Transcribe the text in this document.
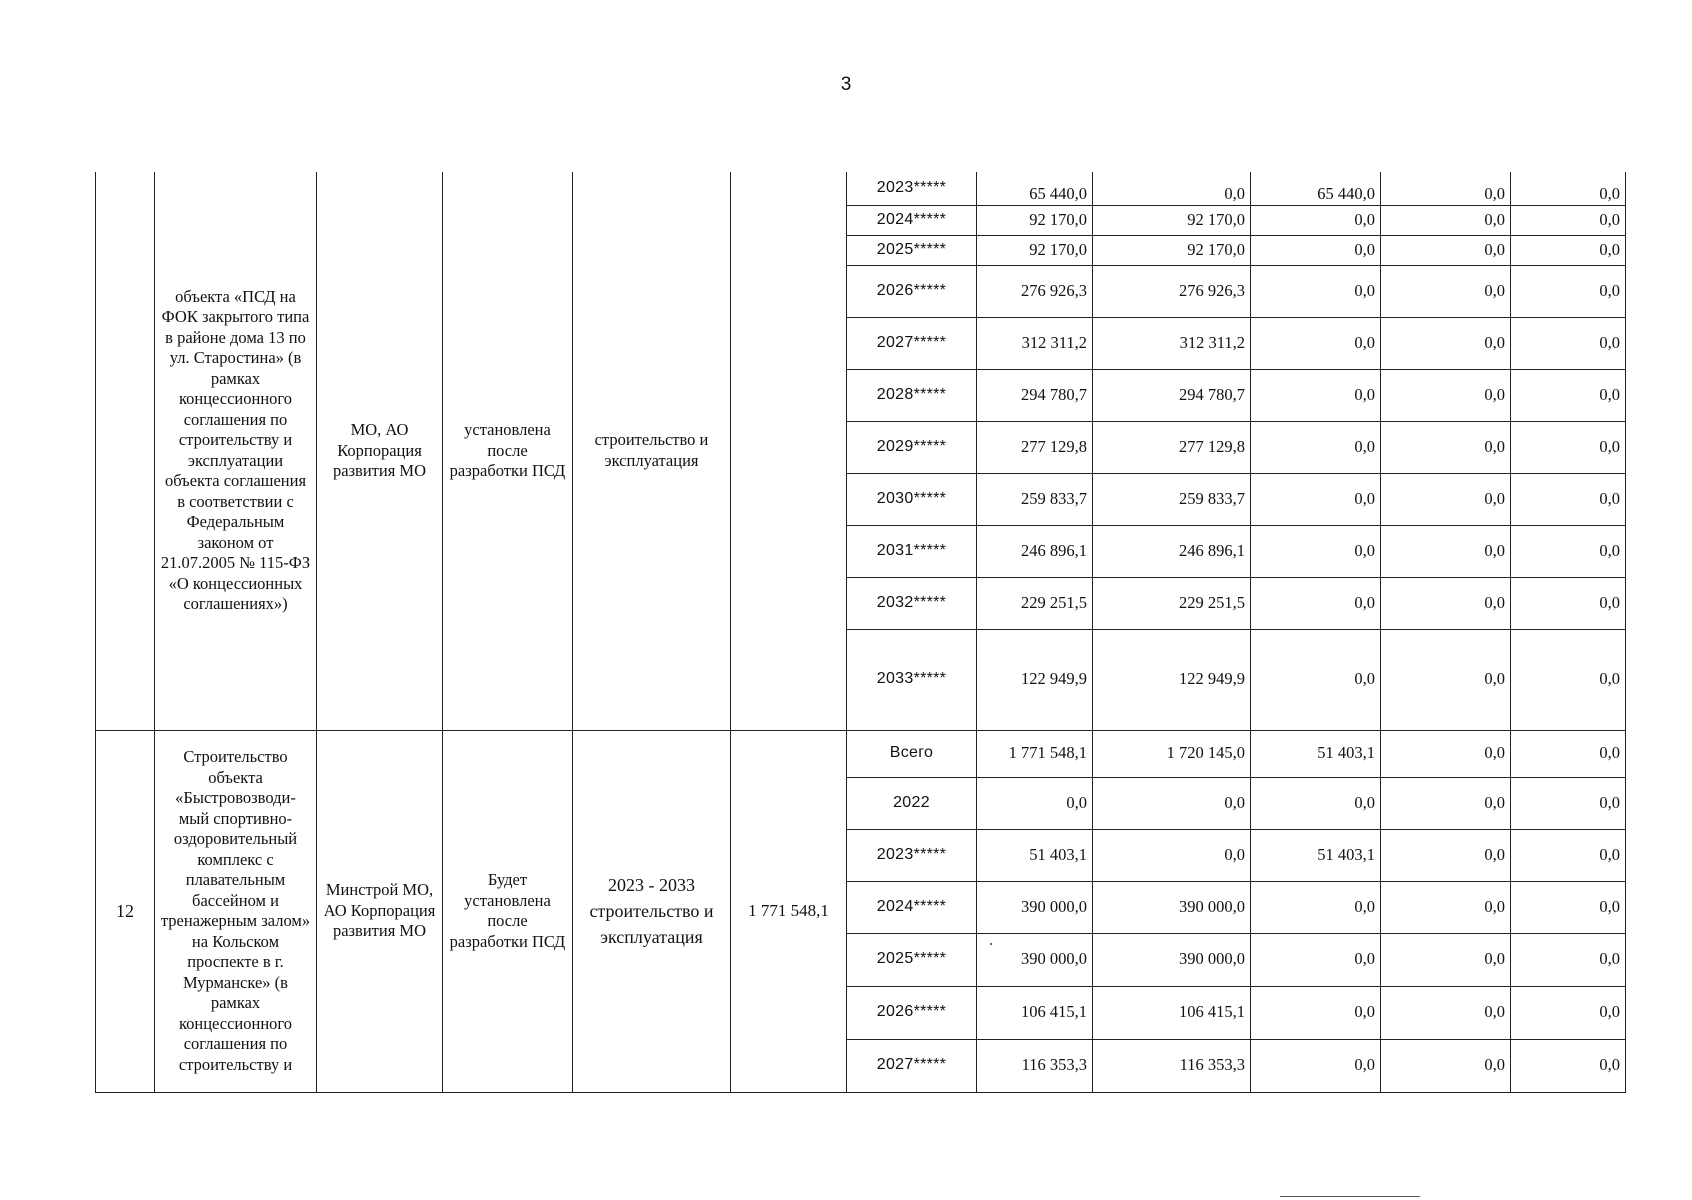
3
	объекта «ПСД на ФОК закрытого типа в районе дома 13 по ул. Старостина» (в рамках концессионного соглашения по строительству и эксплуатации объекта соглашения в соответствии с Федеральным законом от 21.07.2005 № 115-ФЗ «О концессионных соглашениях»)	МО, АО Корпорация развития МО	установлена после разработки ПСД	строительство и эксплуатация		2023*****	65 440,0	0,0	65 440,0	0,0	0,0
						2024*****	92 170,0	92 170,0	0,0	0,0	0,0
						2025*****	92 170,0	92 170,0	0,0	0,0	0,0
						2026*****	276 926,3	276 926,3	0,0	0,0	0,0
						2027*****	312 311,2	312 311,2	0,0	0,0	0,0
						2028*****	294 780,7	294 780,7	0,0	0,0	0,0
						2029*****	277 129,8	277 129,8	0,0	0,0	0,0
						2030*****	259 833,7	259 833,7	0,0	0,0	0,0
						2031*****	246 896,1	246 896,1	0,0	0,0	0,0
						2032*****	229 251,5	229 251,5	0,0	0,0	0,0
						2033*****	122 949,9	122 949,9	0,0	0,0	0,0
12	Строительство объекта «Быстровозводи-мый спортивно-оздоровительный комплекс с плавательным бассейном и тренажерным залом» на Кольском проспекте в г. Мурманске» (в рамках концессионного соглашения по строительству и	Минстрой МО, АО Корпорация развития МО	Будет установлена после разработки ПСД	2023 - 2033 строительство и эксплуатация	1 771 548,1	Всего	1 771 548,1	1 720 145,0	51 403,1	0,0	0,0
						2022	0,0	0,0	0,0	0,0	0,0
						2023*****	51 403,1	0,0	51 403,1	0,0	0,0
						2024*****	390 000,0	390 000,0	0,0	0,0	0,0
						2025*****	390 000,0	390 000,0	0,0	0,0	0,0
						2026*****	106 415,1	106 415,1	0,0	0,0	0,0
						2027*****	116 353,3	116 353,3	0,0	0,0	0,0
